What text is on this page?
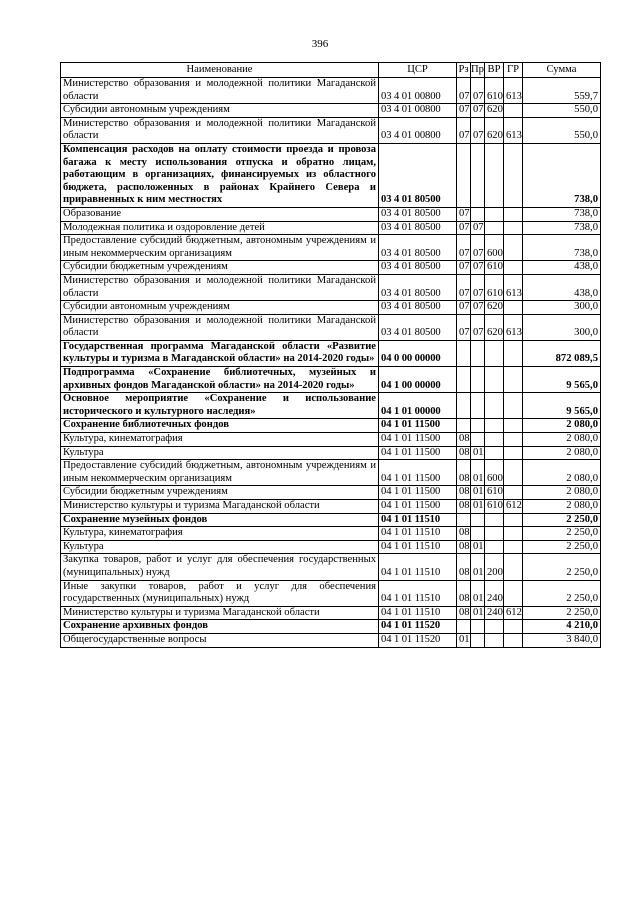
396
Наименование	ЦСР	Рз	Пр	ВР	ГР	Сумма
Министерство образования и молодежной политики Магаданской области	03 4 01 00800	07	07	610	613	559,7
Субсидии автономным учреждениям	03 4 01 00800	07	07	620		550,0
Министерство образования и молодежной политики Магаданской области	03 4 01 00800	07	07	620	613	550,0
Компенсация расходов на оплату стоимости проезда и провоза багажа к месту использования отпуска и обратно лицам, работающим в организациях, финансируемых из областного бюджета, расположенных в районах Крайнего Севера и приравненных к ним местностях	03 4 01 80500					738,0
Образование	03 4 01 80500	07				738,0
Молодежная политика и оздоровление детей	03 4 01 80500	07	07			738,0
Предоставление субсидий бюджетным, автономным учреждениям и иным некоммерческим организациям	03 4 01 80500	07	07	600		738,0
Субсидии бюджетным учреждениям	03 4 01 80500	07	07	610		438,0
Министерство образования и молодежной политики Магаданской области	03 4 01 80500	07	07	610	613	438,0
Субсидии автономным учреждениям	03 4 01 80500	07	07	620		300,0
Министерство образования и молодежной политики Магаданской области	03 4 01 80500	07	07	620	613	300,0
Государственная программа Магаданской области «Развитие культуры и туризма в Магаданской области» на 2014-2020 годы»	04 0 00 00000					872 089,5
Подпрограмма «Сохранение библиотечных, музейных и архивных фондов Магаданской области» на 2014-2020 годы»	04 1 00 00000					9 565,0
Основное мероприятие «Сохранение и использование исторического и культурного наследия»	04 1 01 00000					9 565,0
Сохранение библиотечных фондов	04 1 01 11500					2 080,0
Культура, кинематография	04 1 01 11500	08				2 080,0
Культура	04 1 01 11500	08	01			2 080,0
Предоставление субсидий бюджетным, автономным учреждениям и иным некоммерческим организациям	04 1 01 11500	08	01	600		2 080,0
Субсидии бюджетным учреждениям	04 1 01 11500	08	01	610		2 080,0
Министерство культуры и туризма Магаданской области	04 1 01 11500	08	01	610	612	2 080,0
Сохранение музейных фондов	04 1 01 11510					2 250,0
Культура, кинематография	04 1 01 11510	08				2 250,0
Культура	04 1 01 11510	08	01			2 250,0
Закупка товаров, работ и услуг для обеспечения государственных (муниципальных) нужд	04 1 01 11510	08	01	200		2 250,0
Иные закупки товаров, работ и услуг для обеспечения государственных (муниципальных) нужд	04 1 01 11510	08	01	240		2 250,0
Министерство культуры и туризма Магаданской области	04 1 01 11510	08	01	240	612	2 250,0
Сохранение архивных фондов	04 1 01 11520					4 210,0
Общегосударственные вопросы	04 1 01 11520	01				3 840,0
